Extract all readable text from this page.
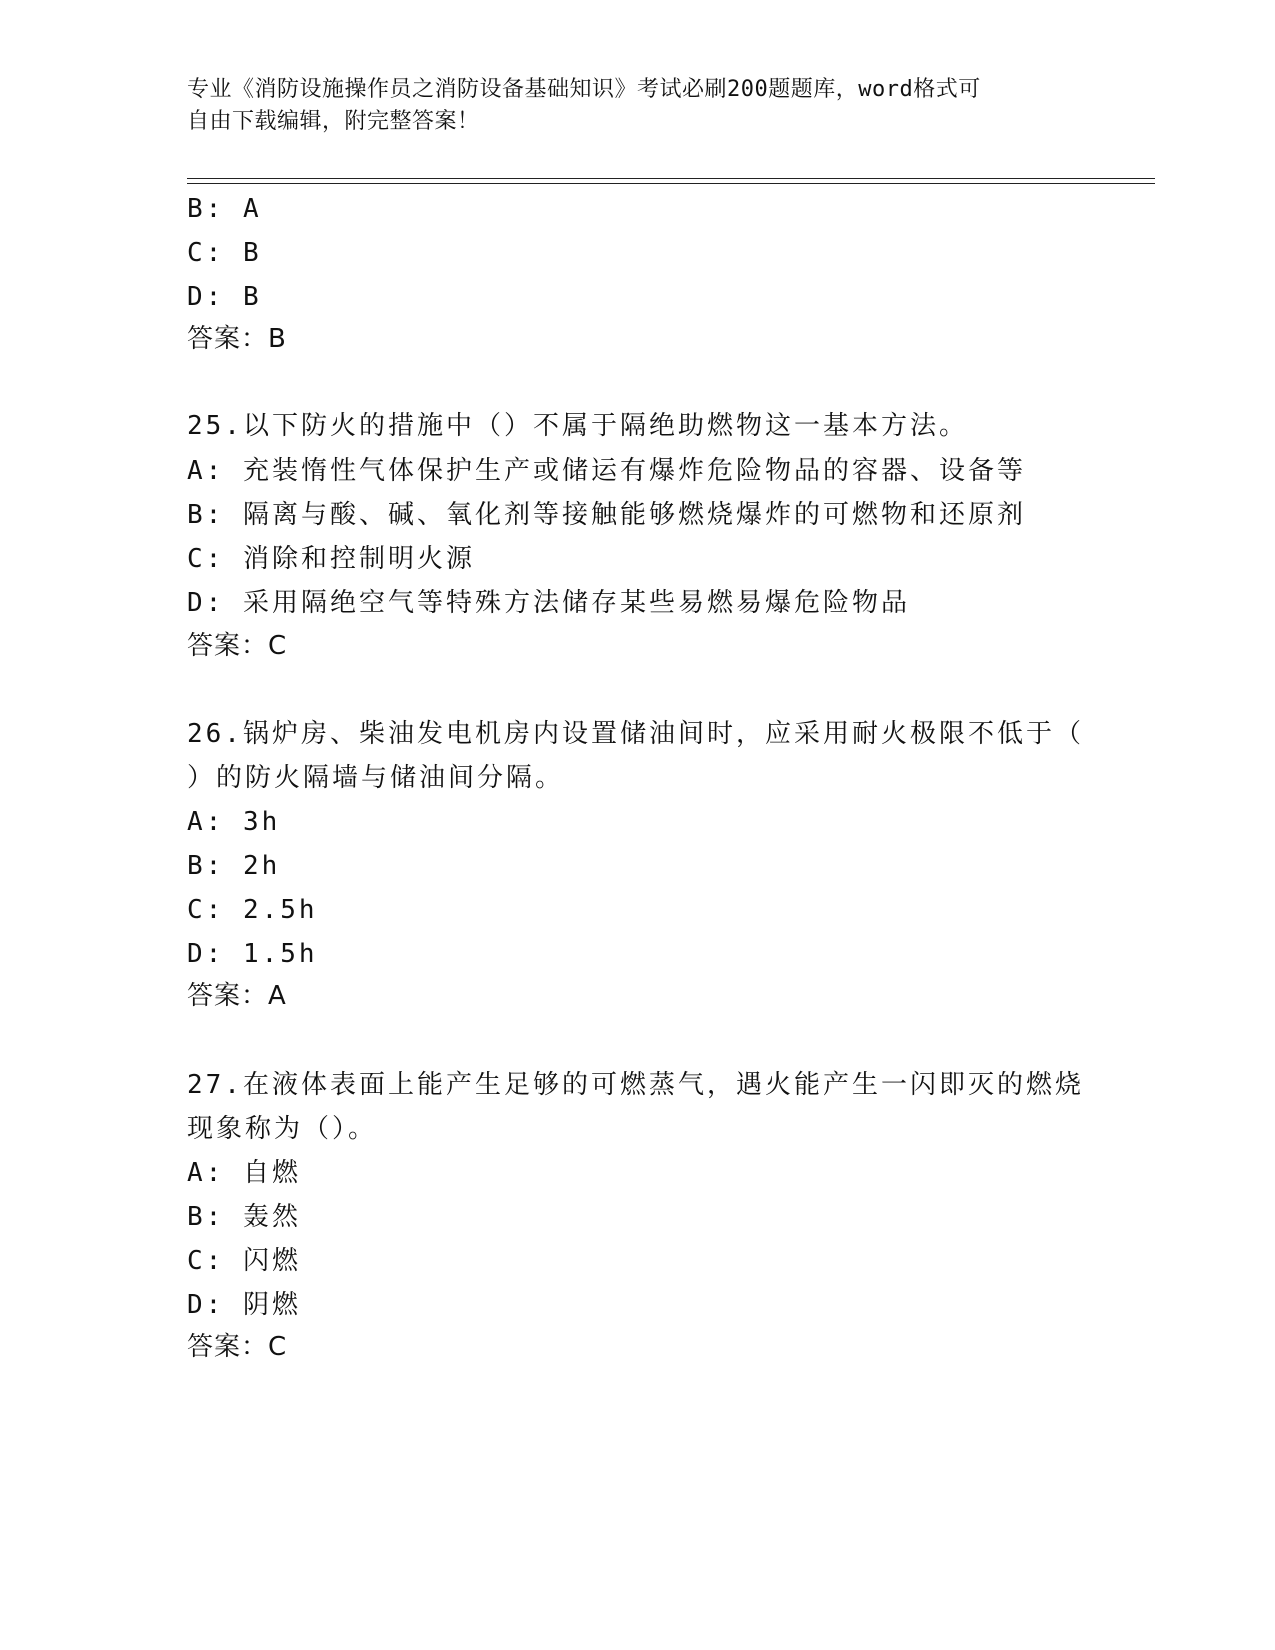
专业《消防设施操作员之消防设备基础知识》考试必刷200题题库，word格式可
自由下载编辑，附完整答案！
B: A
C: B
D: B
答案：B
25.以下防火的措施中（）不属于隔绝助燃物这一基本方法。
A: 充装惰性气体保护生产或储运有爆炸危险物品的容器、设备等
B: 隔离与酸、碱、氧化剂等接触能够燃烧爆炸的可燃物和还原剂
C: 消除和控制明火源
D: 采用隔绝空气等特殊方法储存某些易燃易爆危险物品
答案：C
26.锅炉房、柴油发电机房内设置储油间时，应采用耐火极限不低于（
）的防火隔墙与储油间分隔。
A: 3h
B: 2h
C: 2.5h
D: 1.5h
答案：A
27.在液体表面上能产生足够的可燃蒸气，遇火能产生一闪即灭的燃烧
现象称为（）。
A: 自燃
B: 轰然
C: 闪燃
D: 阴燃
答案：C
